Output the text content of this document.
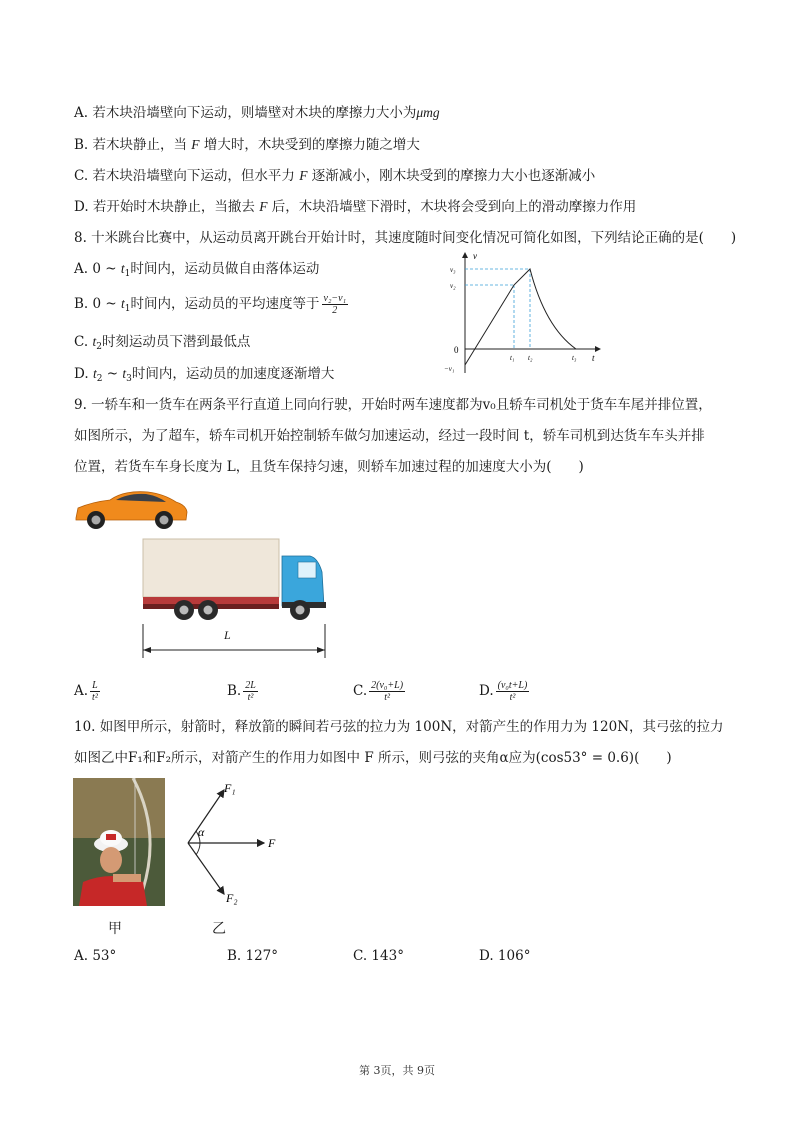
A. 若木块沿墙壁向下运动，则墙壁对木块的摩擦力大小为μmg
B. 若木块静止，当 F 增大时，木块受到的摩擦力随之增大
C. 若木块沿墙壁向下运动，但水平力 F 逐渐减小，刚木块受到的摩擦力大小也逐渐减小
D. 若开始时木块静止，当撤去 F 后，木块沿墙壁下滑时，木块将会受到向上的滑动摩擦力作用
8. 十米跳台比赛中，从运动员离开跳台开始计时，其速度随时间变化情况可简化如图，下列结论正确的是(　　)
A. 0 ~ $t_1$时间内，运动员做自由落体运动
B. 0 ~ $t_1$时间内，运动员的平均速度等于 $\frac{\text{v₂−v₁}}{2}$
C. $t_2$时刻运动员下潜到最低点
D. $t_2$ ~ $t_3$时间内，运动员的加速度逐渐增大
v
t
0
v₃
v₂
−v₁
t₁ t₂	t₃
9. 一轿车和一货车在两条平行直道上同向行驶，开始时两车速度都为v₀且轿车司机处于货车车尾并排位置，
如图所示，为了超车，轿车司机开始控制轿车做匀加速运动，经过一段时间 t，轿车司机到达货车车头并排
位置，若货车车身长度为 L，且货车保持匀速，则轿车加速过程的加速度大小为(　　)
L
A. $\frac{L}{\text{t²}}$	B. $\frac{2L}{\text{t²}}$	C. $\frac{\text{2(v₀+L)}}{\text{t²}}$	D. $\frac{\text{(v₀t+L)}}{\text{t²}}$
10. 如图甲所示，射箭时，释放箭的瞬间若弓弦的拉力为 100N，对箭产生的作用力为 120N，其弓弦的拉力
如图乙中F₁和F₂所示，对箭产生的作用力如图中 F 所示，则弓弦的夹角α应为(cos53° = 0.6)(　　)
甲
α
F₁
F
F₂
乙
A. 53°	B. 127°	C. 143°	D. 106°
第 3页，共 9页
